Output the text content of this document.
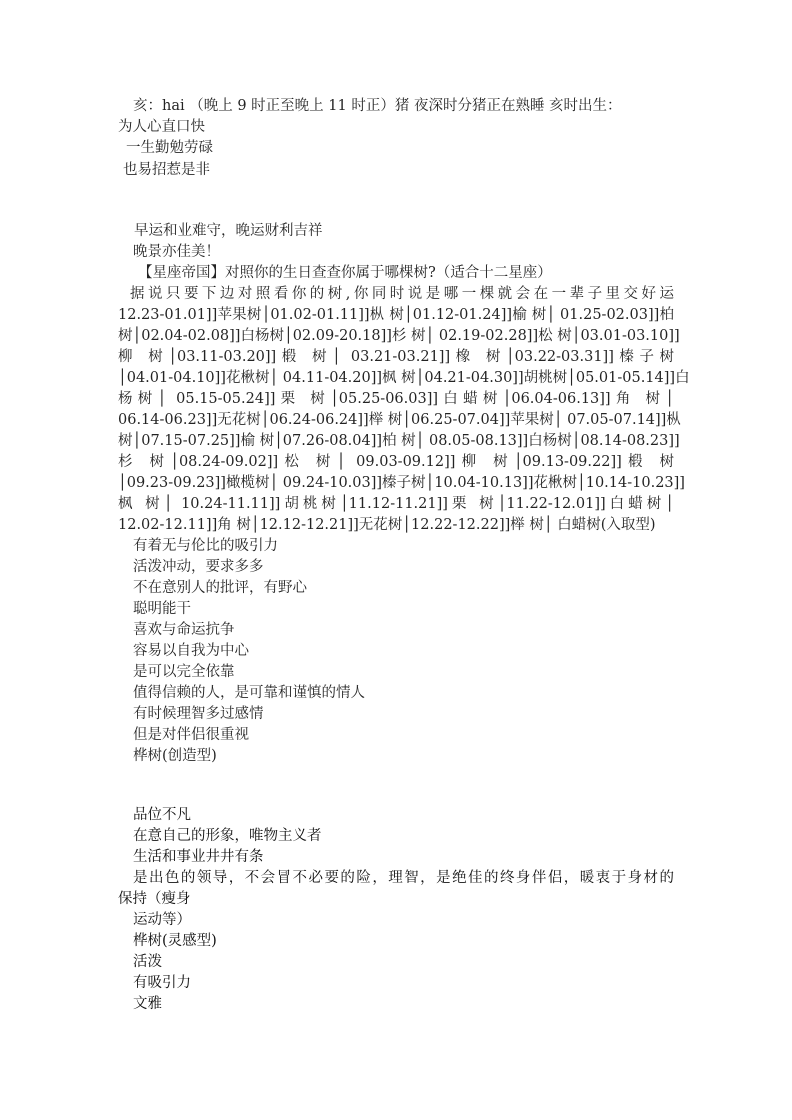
亥：hai （晚上 9 时正至晚上 11 时正）猪 夜深时分猪正在熟睡 亥时出生：
为人心直口快
一生勤勉劳碌
也易招惹是非
早运和业难守，晚运财利吉祥
晚景亦佳美！
【星座帝国】对照你的生日查查你属于哪棵树?（适合十二星座）
据说只要下边对照看你的树,你同时说是哪一棵就会在一辈子里交好运
12.23-01.01]]苹果树│01.02-01.11]]枞 树│01.12-01.24]]榆 树│ 01.25-02.03]]柏
树│02.04-02.08]]白杨树│02.09-20.18]]杉 树│ 02.19-02.28]]松 树│03.01-03.10]]
柳 树│03.11-03.20]]椴 树│ 03.21-03.21]]橡 树│03.22-03.31]]榛子树
│04.01-04.10]]花楸树│ 04.11-04.20]]枫 树│04.21-04.30]]胡桃树│05.01-05.14]]白
杨树│ 05.15-05.24]]栗 树│05.25-06.03]]白蜡树│06.04-06.13]]角 树│
06.14-06.23]]无花树│06.24-06.24]]榉 树│06.25-07.04]]苹果树│ 07.05-07.14]]枞
树│07.15-07.25]]榆 树│07.26-08.04]]柏 树│ 08.05-08.13]]白杨树│08.14-08.23]]
杉 树│08.24-09.02]]松 树│ 09.03-09.12]]柳 树│09.13-09.22]]椴 树
│09.23-09.23]]橄榄树│ 09.24-10.03]]榛子树│10.04-10.13]]花楸树│10.14-10.23]]
枫 树│ 10.24-11.11]]胡桃树│11.12-11.21]]栗 树│11.22-12.01]]白蜡树│
12.02-12.11]]角 树│12.12-12.21]]无花树│12.22-12.22]]榉 树│ 白蜡树(入取型)
有着无与伦比的吸引力
活泼冲动，要求多多
不在意别人的批评，有野心
聪明能干
喜欢与命运抗争
容易以自我为中心
是可以完全依靠
值得信赖的人，是可靠和谨慎的情人
有时候理智多过感情
但是对伴侣很重视
桦树(创造型)
品位不凡
在意自己的形象，唯物主义者
生活和事业井井有条
是出色的领导，不会冒不必要的险，理智，是绝佳的终身伴侣，暖衷于身材的
保持（瘦身
运动等）
桦树(灵感型)
活泼
有吸引力
文雅
